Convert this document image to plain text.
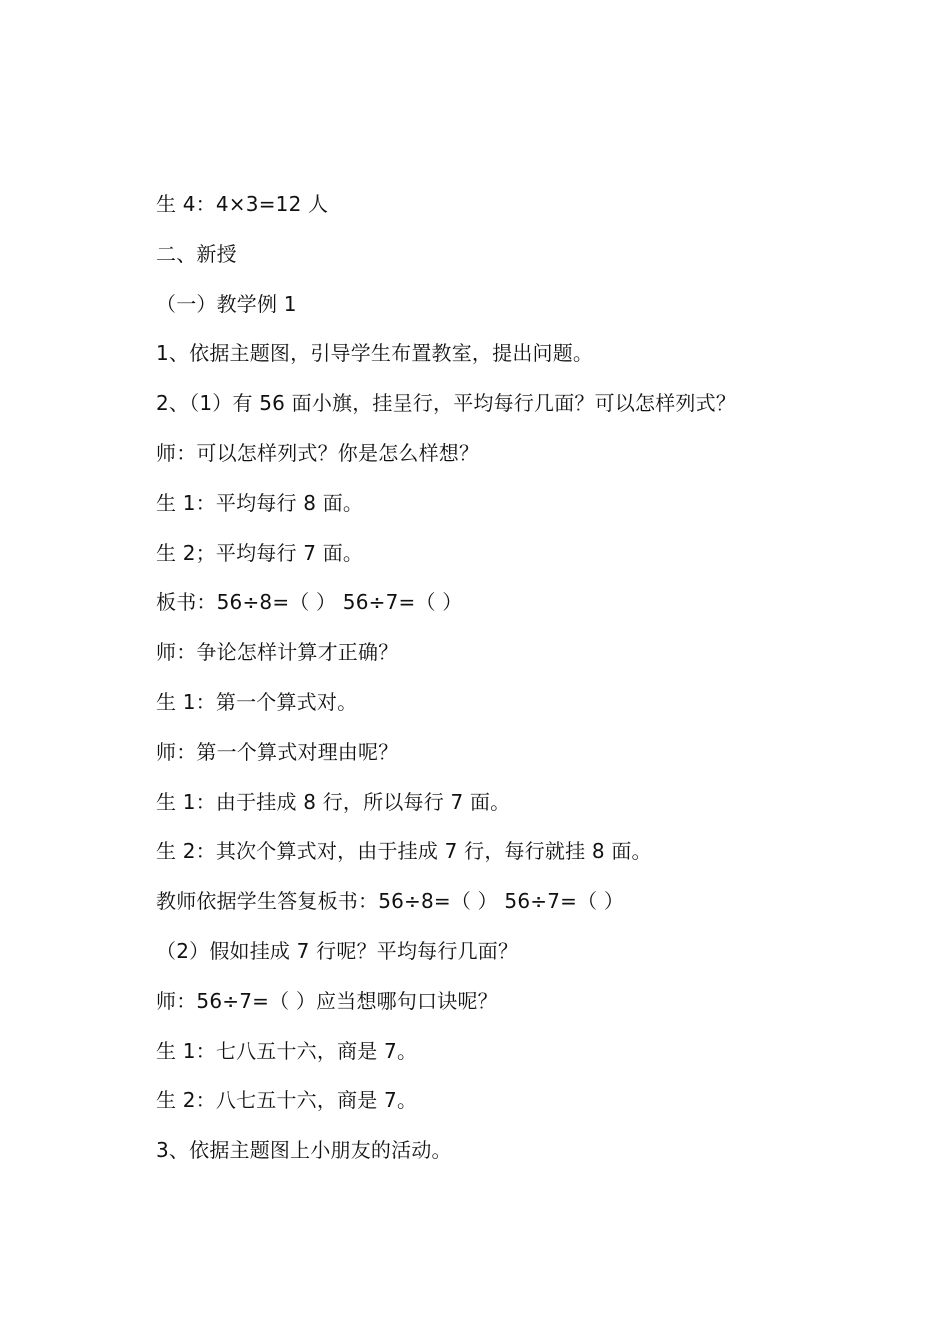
生 4：4×3=12 人
二、新授
（一）教学例 1
1、依据主题图，引导学生布置教室，提出问题。
2、（1）有 56 面小旗，挂呈行，平均每行几面？可以怎样列式？
师：可以怎样列式？你是怎么样想？
生 1：平均每行 8 面。
生 2；平均每行 7 面。
板书：56÷8=（ ） 56÷7=（ ）
师：争论怎样计算才正确？
生 1：第一个算式对。
师：第一个算式对理由呢？
生 1：由于挂成 8 行，所以每行 7 面。
生 2：其次个算式对，由于挂成 7 行，每行就挂 8 面。
教师依据学生答复板书：56÷8=（ ） 56÷7=（ ）
（2）假如挂成 7 行呢？平均每行几面？
师：56÷7=（ ）应当想哪句口诀呢？
生 1：七八五十六，商是 7。
生 2：八七五十六，商是 7。
3、依据主题图上小朋友的活动。
